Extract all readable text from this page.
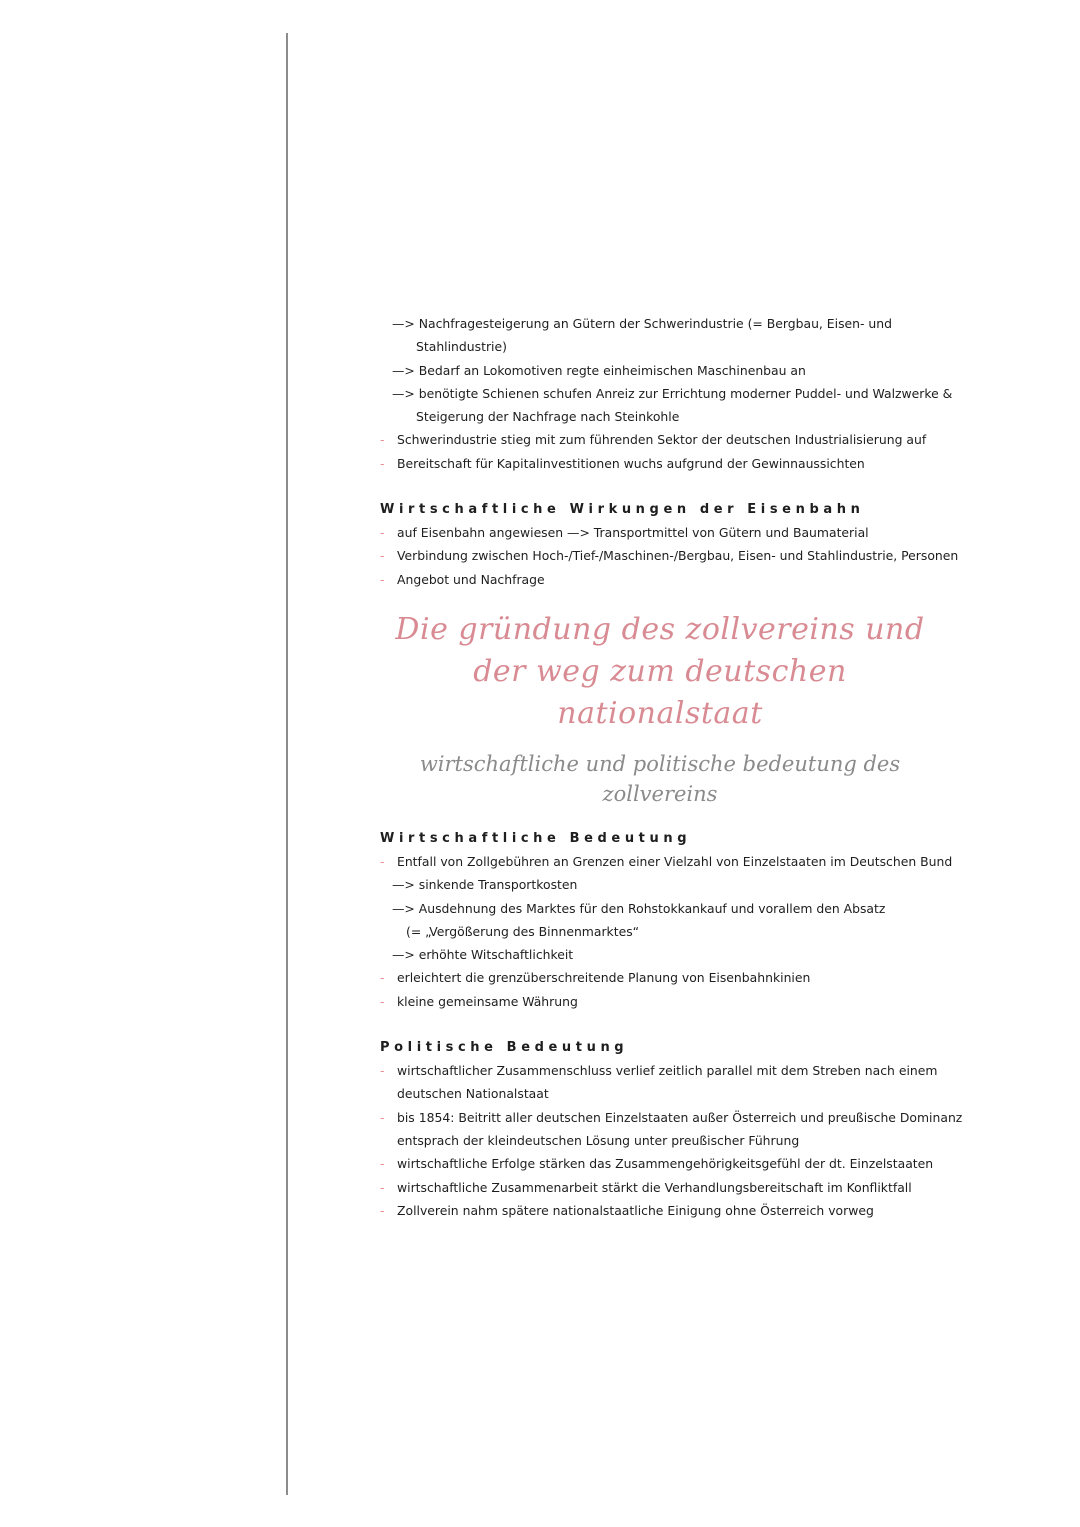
—> Nachfragesteigerung an Gütern der Schwerindustrie (= Bergbau, Eisen- und
Stahlindustrie)
—> Bedarf an Lokomotiven regte einheimischen Maschinenbau an
—> benötigte Schienen schufen Anreiz zur Errichtung moderner Puddel- und Walzwerke &
Steigerung der Nachfrage nach Steinkohle
- Schwerindustrie stieg mit zum führenden Sektor der deutschen Industrialisierung auf
- Bereitschaft für Kapitalinvestitionen wuchs aufgrund der Gewinnaussichten
Wirtschaftliche Wirkungen der Eisenbahn
- auf Eisenbahn angewiesen —> Transportmittel von Gütern und Baumaterial
- Verbindung zwischen Hoch-/Tief-/Maschinen-/Bergbau, Eisen- und Stahlindustrie, Personen
- Angebot und Nachfrage
Die gründung des zollvereins und
der weg zum deutschen nationalstaat
wirtschaftliche und politische bedeutung des zollvereins
Wirtschaftliche Bedeutung
- Entfall von Zollgebühren an Grenzen einer Vielzahl von Einzelstaaten im Deutschen Bund
—> sinkende Transportkosten
—> Ausdehnung des Marktes für den Rohstokkankauf und vorallem den Absatz
(= „Vergößerung des Binnenmarktes“
—> erhöhte Witschaftlichkeit
- erleichtert die grenzüberschreitende Planung von Eisenbahnkinien
- kleine gemeinsame Währung
Politische Bedeutung
- wirtschaftlicher Zusammenschluss verlief zeitlich parallel mit dem Streben nach einem
deutschen Nationalstaat
- bis 1854: Beitritt aller deutschen Einzelstaaten außer Österreich und preußische Dominanz
entsprach der kleindeutschen Lösung unter preußischer Führung
- wirtschaftliche Erfolge stärken das Zusammengehörigkeitsgefühl der dt. Einzelstaaten
- wirtschaftliche Zusammenarbeit stärkt die Verhandlungsbereitschaft im Konfliktfall
- Zollverein nahm spätere nationalstaatliche Einigung ohne Österreich vorweg
